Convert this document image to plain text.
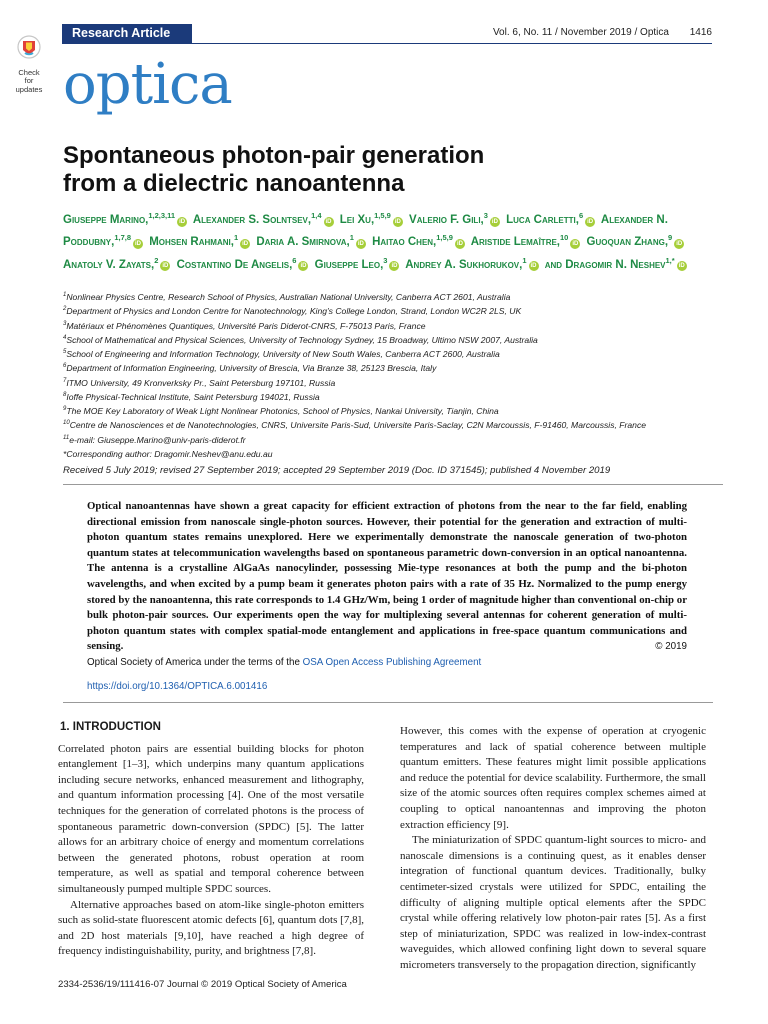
Research Article	Vol. 6, No. 11 / November 2019 / Optica 1416
Check for
updates optica
Spontaneous photon-pair generation
from a dielectric nanoantenna
Giuseppe Marino,$^{1,2,3,11}$iD Alexander S. Solntsev,$^{1,4}$iD Lei Xu,$^{1,5,9}$iD Valerio F. Gili,$^3$iD Luca Carletti,$^6$iD Alexander N. Poddubny,$^{1,7,8}$iD Mohsen Rahmani,$^1$iD Daria A. Smirnova,$^1$iD Haitao Chen,$^{1,5,9}$iD Aristide Lemaître,$^{10}$iD Guoquan Zhang,$^9$iD Anatoly V. Zayats,$^2$iD Costantino De Angelis,$^6$iD Giuseppe Leo,$^3$iD Andrey A. Sukhorukov,$^1$iD and Dragomir N. Neshev$^{1,*}$iD
$^1$Nonlinear Physics Centre, Research School of Physics, Australian National University, Canberra ACT 2601, Australia
$^2$Department of Physics and London Centre for Nanotechnology, King's College London, Strand, London WC2R 2LS, UK
$^3$Matériaux et Phénomènes Quantiques, Université Paris Diderot-CNRS, F-75013 Paris, France
$^4$School of Mathematical and Physical Sciences, University of Technology Sydney, 15 Broadway, Ultimo NSW 2007, Australia
$^5$School of Engineering and Information Technology, University of New South Wales, Canberra ACT 2600, Australia
$^6$Department of Information Engineering, University of Brescia, Via Branze 38, 25123 Brescia, Italy
$^7$ITMO University, 49 Kronverksky Pr., Saint Petersburg 197101, Russia
$^8$Ioffe Physical-Technical Institute, Saint Petersburg 194021, Russia
$^9$The MOE Key Laboratory of Weak Light Nonlinear Photonics, School of Physics, Nankai University, Tianjin, China
$^{10}$Centre de Nanosciences et de Nanotechnologies, CNRS, Universite Paris-Sud, Universite Paris-Saclay, C2N Marcoussis, F-91460, Marcoussis, France
$^{11}$e-mail: Giuseppe.Marino@univ-paris-diderot.fr
*Corresponding author: Dragomir.Neshev@anu.edu.au
Received 5 July 2019; revised 27 September 2019; accepted 29 September 2019 (Doc. ID 371545); published 4 November 2019
Optical nanoantennas have shown a great capacity for efficient extraction of photons from the near to the far field, enabling directional emission from nanoscale single-photon sources. However, their potential for the generation and extraction of multi-photon quantum states remains unexplored. Here we experimentally demonstrate the nanoscale generation of two-photon quantum states at telecommunication wavelengths based on spontaneous parametric down-conversion in an optical nanoantenna. The antenna is a crystalline AlGaAs nanocylinder, possessing Mie-type resonances at both the pump and the bi-photon wavelengths, and when excited by a pump beam it generates photon pairs with a rate of 35 Hz. Normalized to the pump energy stored by the nanoantenna, this rate corresponds to 1.4 GHz/Wm, being 1 order of magnitude higher than conventional on-chip or bulk photon-pair sources. Our experiments open the way for multiplexing several antennas for coherent generation of multi-photon quantum states with complex spatial-mode entanglement and applications in free-space quantum communications and sensing.	© 2019

Optical Society of America under the terms of the OSA Open Access Publishing Agreement
https://doi.org/10.1364/OPTICA.6.001416
1. INTRODUCTION

Correlated photon pairs are essential building blocks for photon entanglement [1–3], which underpins many quantum applications including secure networks, enhanced measurement and lithography, and quantum information processing [4]. One of the most versatile techniques for the generation of correlated photons is the process of spontaneous parametric down-conversion (SPDC) [5]. The latter allows for an arbitrary choice of energy and momentum correlations between the generated photons, robust operation at room temperature, as well as spatial and temporal coherence between simultaneously pumped multiple SPDC sources.

Alternative approaches based on atom-like single-photon emitters such as solid-state fluorescent atomic defects [6], quantum dots [7,8], and 2D host materials [9,10], have reached a high degree of frequency indistinguishability, purity, and brightness [7,8].

However, this comes with the expense of operation at cryogenic temperatures and lack of spatial coherence between multiple quantum emitters. These features might limit possible applications and reduce the potential for device scalability. Furthermore, the small size of the atomic sources often requires complex schemes aimed at coupling to optical nanoantennas and improving the photon extraction efficiency [9].

The miniaturization of SPDC quantum-light sources to micro- and nanoscale dimensions is a continuing quest, as it enables denser integration of functional quantum devices. Traditionally, bulky centimeter-sized crystals were utilized for SPDC, entailing the difficulty of aligning multiple optical elements after the SPDC crystal while offering relatively low photon-pair rates [5]. As a first step of miniaturization, SPDC was realized in low-index-contrast waveguides, which allowed confining light down to several square micrometers transversely to the propagation direction, significantly

2334-2536/19/111416-07 Journal © 2019 Optical Society of America
